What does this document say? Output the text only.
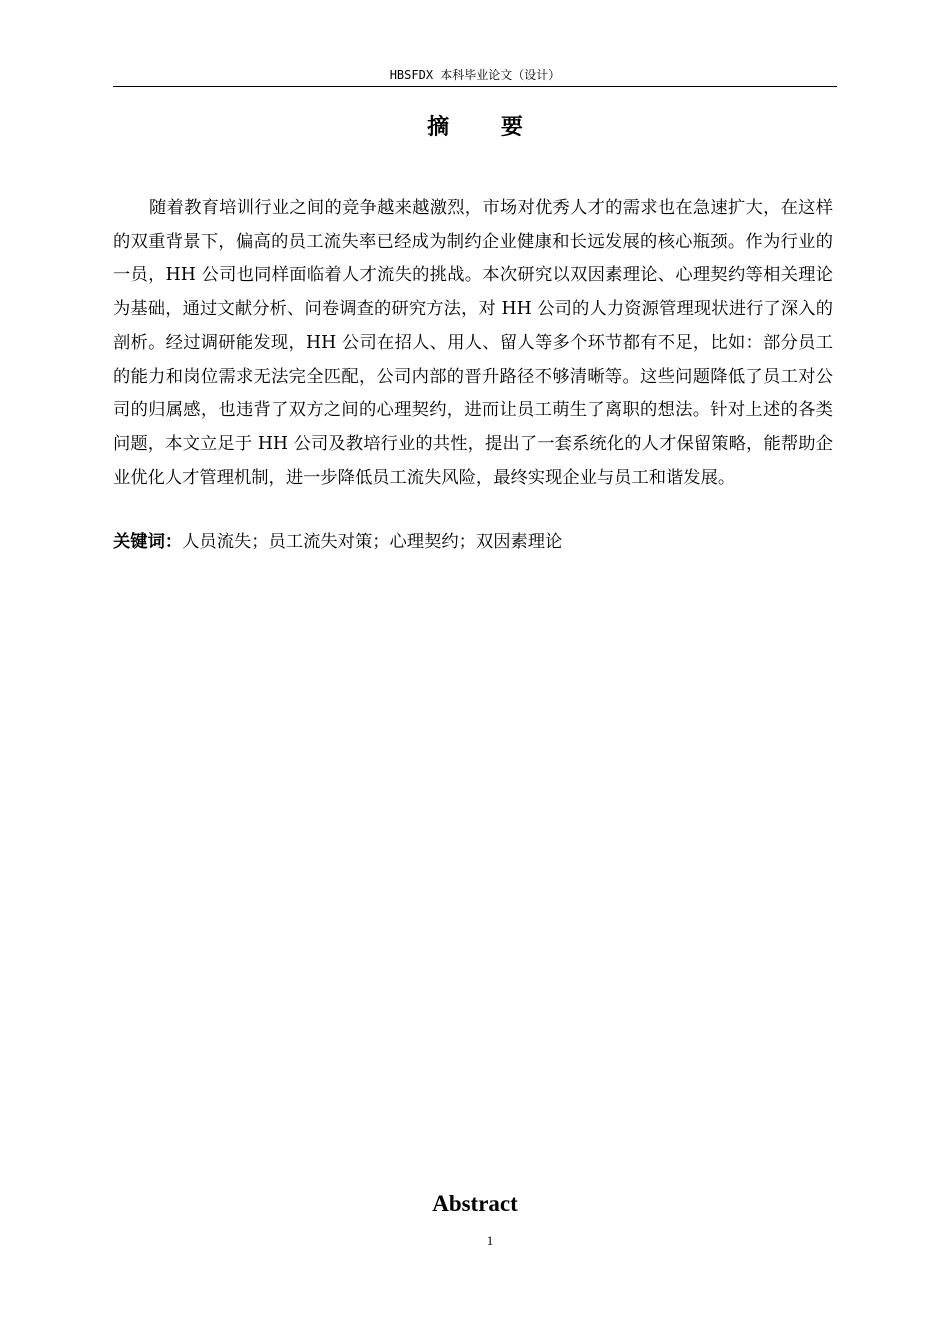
HBSFDX 本科毕业论文（设计）
摘 要

随着教育培训行业之间的竞争越来越激烈，市场对优秀人才的需求也在急速扩大，在这样的双重背景下，偏高的员工流失率已经成为制约企业健康和长远发展的核心瓶颈。作为行业的一员，HH 公司也同样面临着人才流失的挑战。本次研究以双因素理论、心理契约等相关理论为基础，通过文献分析、问卷调查的研究方法，对 HH 公司的人力资源管理现状进行了深入的剖析。经过调研能发现，HH 公司在招人、用人、留人等多个环节都有不足，比如：部分员工的能力和岗位需求无法完全匹配，公司内部的晋升路径不够清晰等。这些问题降低了员工对公司的归属感，也违背了双方之间的心理契约，进而让员工萌生了离职的想法。针对上述的各类问题，本文立足于 HH 公司及教培行业的共性，提出了一套系统化的人才保留策略，能帮助企业优化人才管理机制，进一步降低员工流失风险，最终实现企业与员工和谐发展。

关键词：人员流失；员工流失对策；心理契约；双因素理论

Abstract
1
